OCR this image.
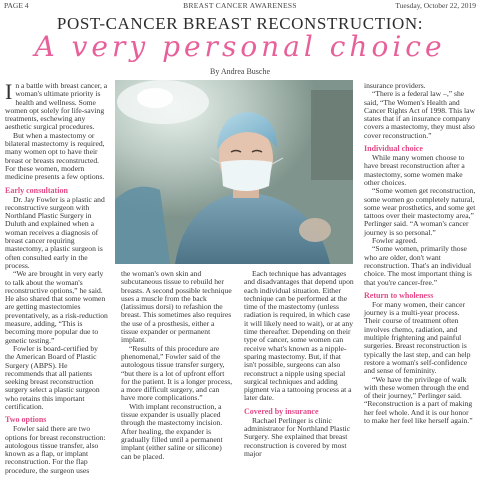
PAGE 4	BREAST CANCER AWARENESS	Tuesday, October 22, 2019
POST-CANCER BREAST RECONSTRUCTION:
A very personal choice
By Andrea Busche

In a battle with breast cancer, a woman's ultimate priority is health and wellness. Some women opt solely for life-saving treatments, eschewing any aesthetic surgical procedures.

But when a mastectomy or bilateral mastectomy is required, many women opt to have their breast or breasts reconstructed. For these women, modern medicine presents a few options.

Early consultation

Dr. Jay Fowler is a plastic and reconstructive surgeon with Northland Plastic Surgery in Duluth and explained when a woman receives a diagnosis of breast cancer requiring mastectomy, a plastic surgeon is often consulted early in the process.

“We are brought in very early to talk about the woman's reconstructive options,” he said. He also shared that some women are getting mastectomies preventatively, as a risk-reduction measure, adding, “This is becoming more popular due to genetic testing.”

Fowler is board-certified by the American Board of Plastic Surgery (ABPS). He recommends that all patients seeking breast reconstruction surgery select a plastic surgeon who retains this important certification.

Two options

Fowler said there are two options for breast reconstruction: autologous tissue transfer, also known as a flap, or implant reconstruction. For the flap procedure, the surgeon uses

the woman's own skin and subcutaneous tissue to rebuild her breasts. A second possible technique uses a muscle from the back (latissimus dorsi) to refashion the breast. This sometimes also requires the use of a prosthesis, either a tissue expander or permanent implant.

“Results of this procedure are phenomenal,” Fowler said of the autologous tissue transfer surgery, “but there is a lot of upfront effort for the patient. It is a longer process, a more difficult surgery, and can have more complications.”

With implant reconstruction, a tissue expander is usually placed through the mastectomy incision. After healing, the expander is gradually filled until a permanent implant (either saline or silicone) can be placed.

Each technique has advantages and disadvantages that depend upon each individual situation. Either technique can be performed at the time of the mastectomy (unless radiation is required, in which case it will likely need to wait), or at any time thereafter. Depending on their type of cancer, some women can receive what's known as a nipple-sparing mastectomy. But, if that isn't possible, surgeons can also reconstruct a nipple using special surgical techniques and adding pigment via a tattooing process at a later date.

Covered by insurance

Rachael Perlinger is clinic administrator for Northland Plastic Surgery. She explained that breast reconstruction is covered by most major

insurance providers.

“There is a federal law –,” she said, “The Women's Health and Cancer Rights Act of 1998. This law states that if an insurance company covers a mastectomy, they must also cover reconstruction.”

Individual choice

While many women choose to have breast reconstruction after a mastectomy, some women make other choices.

“Some women get reconstruction, some women go completely natural, some wear prosthetics, and some get tattoos over their mastectomy area,” Perlinger said. “A woman's cancer journey is so personal.”

Fowler agreed.

“Some women, primarily those who are older, don't want reconstruction. That's an individual choice. The most important thing is that you're cancer-free.”

Return to wholeness

For many women, their cancer journey is a multi-year process. Their course of treatment often involves chemo, radiation, and multiple frightening and painful surgeries. Breast reconstruction is typically the last step, and can help restore a woman's self-confidence and sense of femininity.

“We have the privilege of walk with these women through the end of their journey,” Perlinger said. “Reconstruction is a part of making her feel whole. And it is our honor to make her feel like herself again.”
